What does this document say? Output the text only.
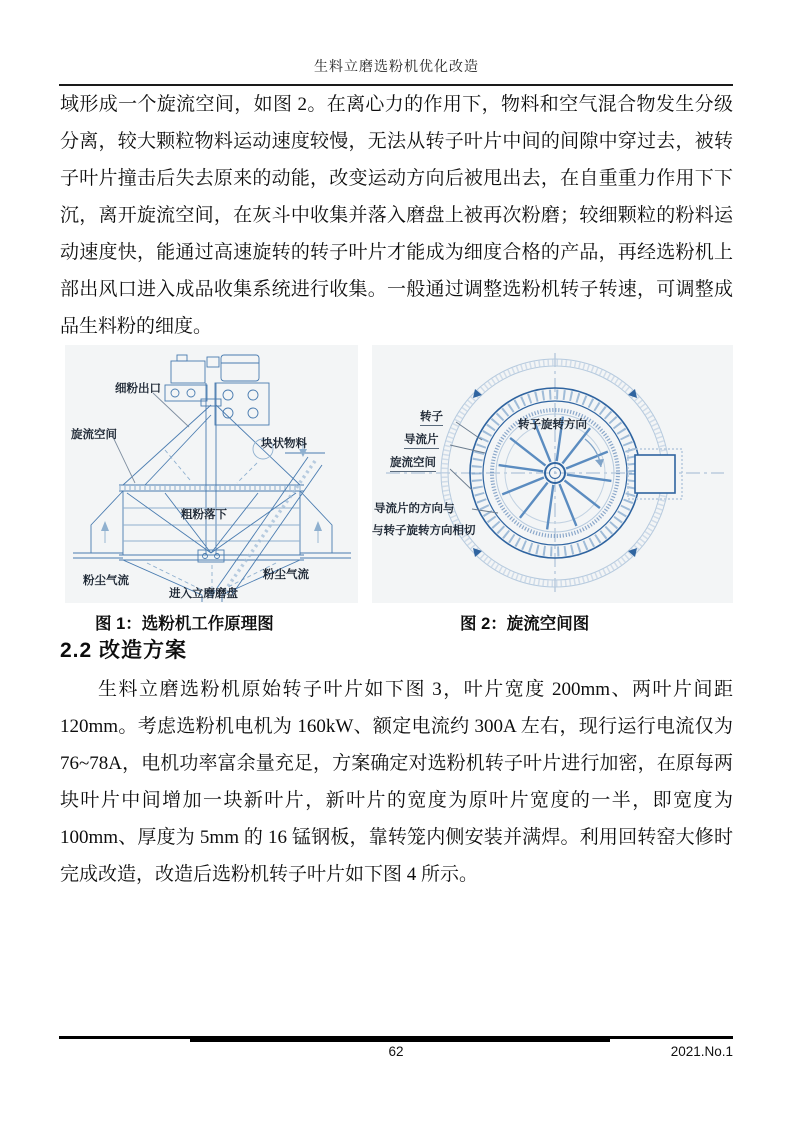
生料立磨选粉机优化改造
域形成一个旋流空间，如图 2。在离心力的作用下，物料和空气混合物发生分级分离，较大颗粒物料运动速度较慢，无法从转子叶片中间的间隙中穿过去，被转子叶片撞击后失去原来的动能，改变运动方向后被甩出去，在自重重力作用下下沉，离开旋流空间，在灰斗中收集并落入磨盘上被再次粉磨；较细颗粒的粉料运动速度快，能通过高速旋转的转子叶片才能成为细度合格的产品，再经选粉机上部出风口进入成品收集系统进行收集。一般通过调整选粉机转子转速，可调整成品生料粉的细度。
细粉出口
旋流空间
块状物料
粗粉落下
粉尘气流	粉尘气流
进入立磨磨盘
转子
导流片
旋流空间
转子旋转方向
导流片的方向与
与转子旋转方向相切
图 1：选粉机工作原理图	图 2：旋流空间图
2.2 改造方案
生料立磨选粉机原始转子叶片如下图 3，叶片宽度 200mm、两叶片间距 120mm。考虑选粉机电机为 160kW、额定电流约 300A 左右，现行运行电流仅为 76~78A，电机功率富余量充足，方案确定对选粉机转子叶片进行加密，在原每两块叶片中间增加一块新叶片，新叶片的宽度为原叶片宽度的一半，即宽度为 100mm、厚度为 5mm 的 16 锰钢板，靠转笼内侧安装并满焊。利用回转窑大修时完成改造，改造后选粉机转子叶片如下图 4 所示。
62	2021.No.1
